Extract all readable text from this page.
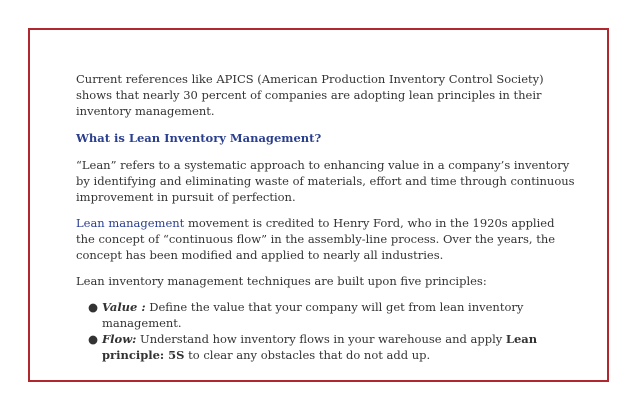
Current references like APICS (American Production Inventory Control Society) shows that nearly 30 percent of companies are adopting lean principles in their inventory management.

What is Lean Inventory Management?

“Lean” refers to a systematic approach to enhancing value in a company’s inventory by identifying and eliminating waste of materials, effort and time through continuous improvement in pursuit of perfection.

Lean management movement is credited to Henry Ford, who in the 1920s applied the concept of “continuous flow” in the assembly-line process. Over the years, the concept has been modified and applied to nearly all industries.

Lean inventory management techniques are built upon five principles:

● Value : Define the value that your company will get from lean inventory management.
● Flow: Understand how inventory flows in your warehouse and apply Lean principle: 5S to clear any obstacles that do not add up.
